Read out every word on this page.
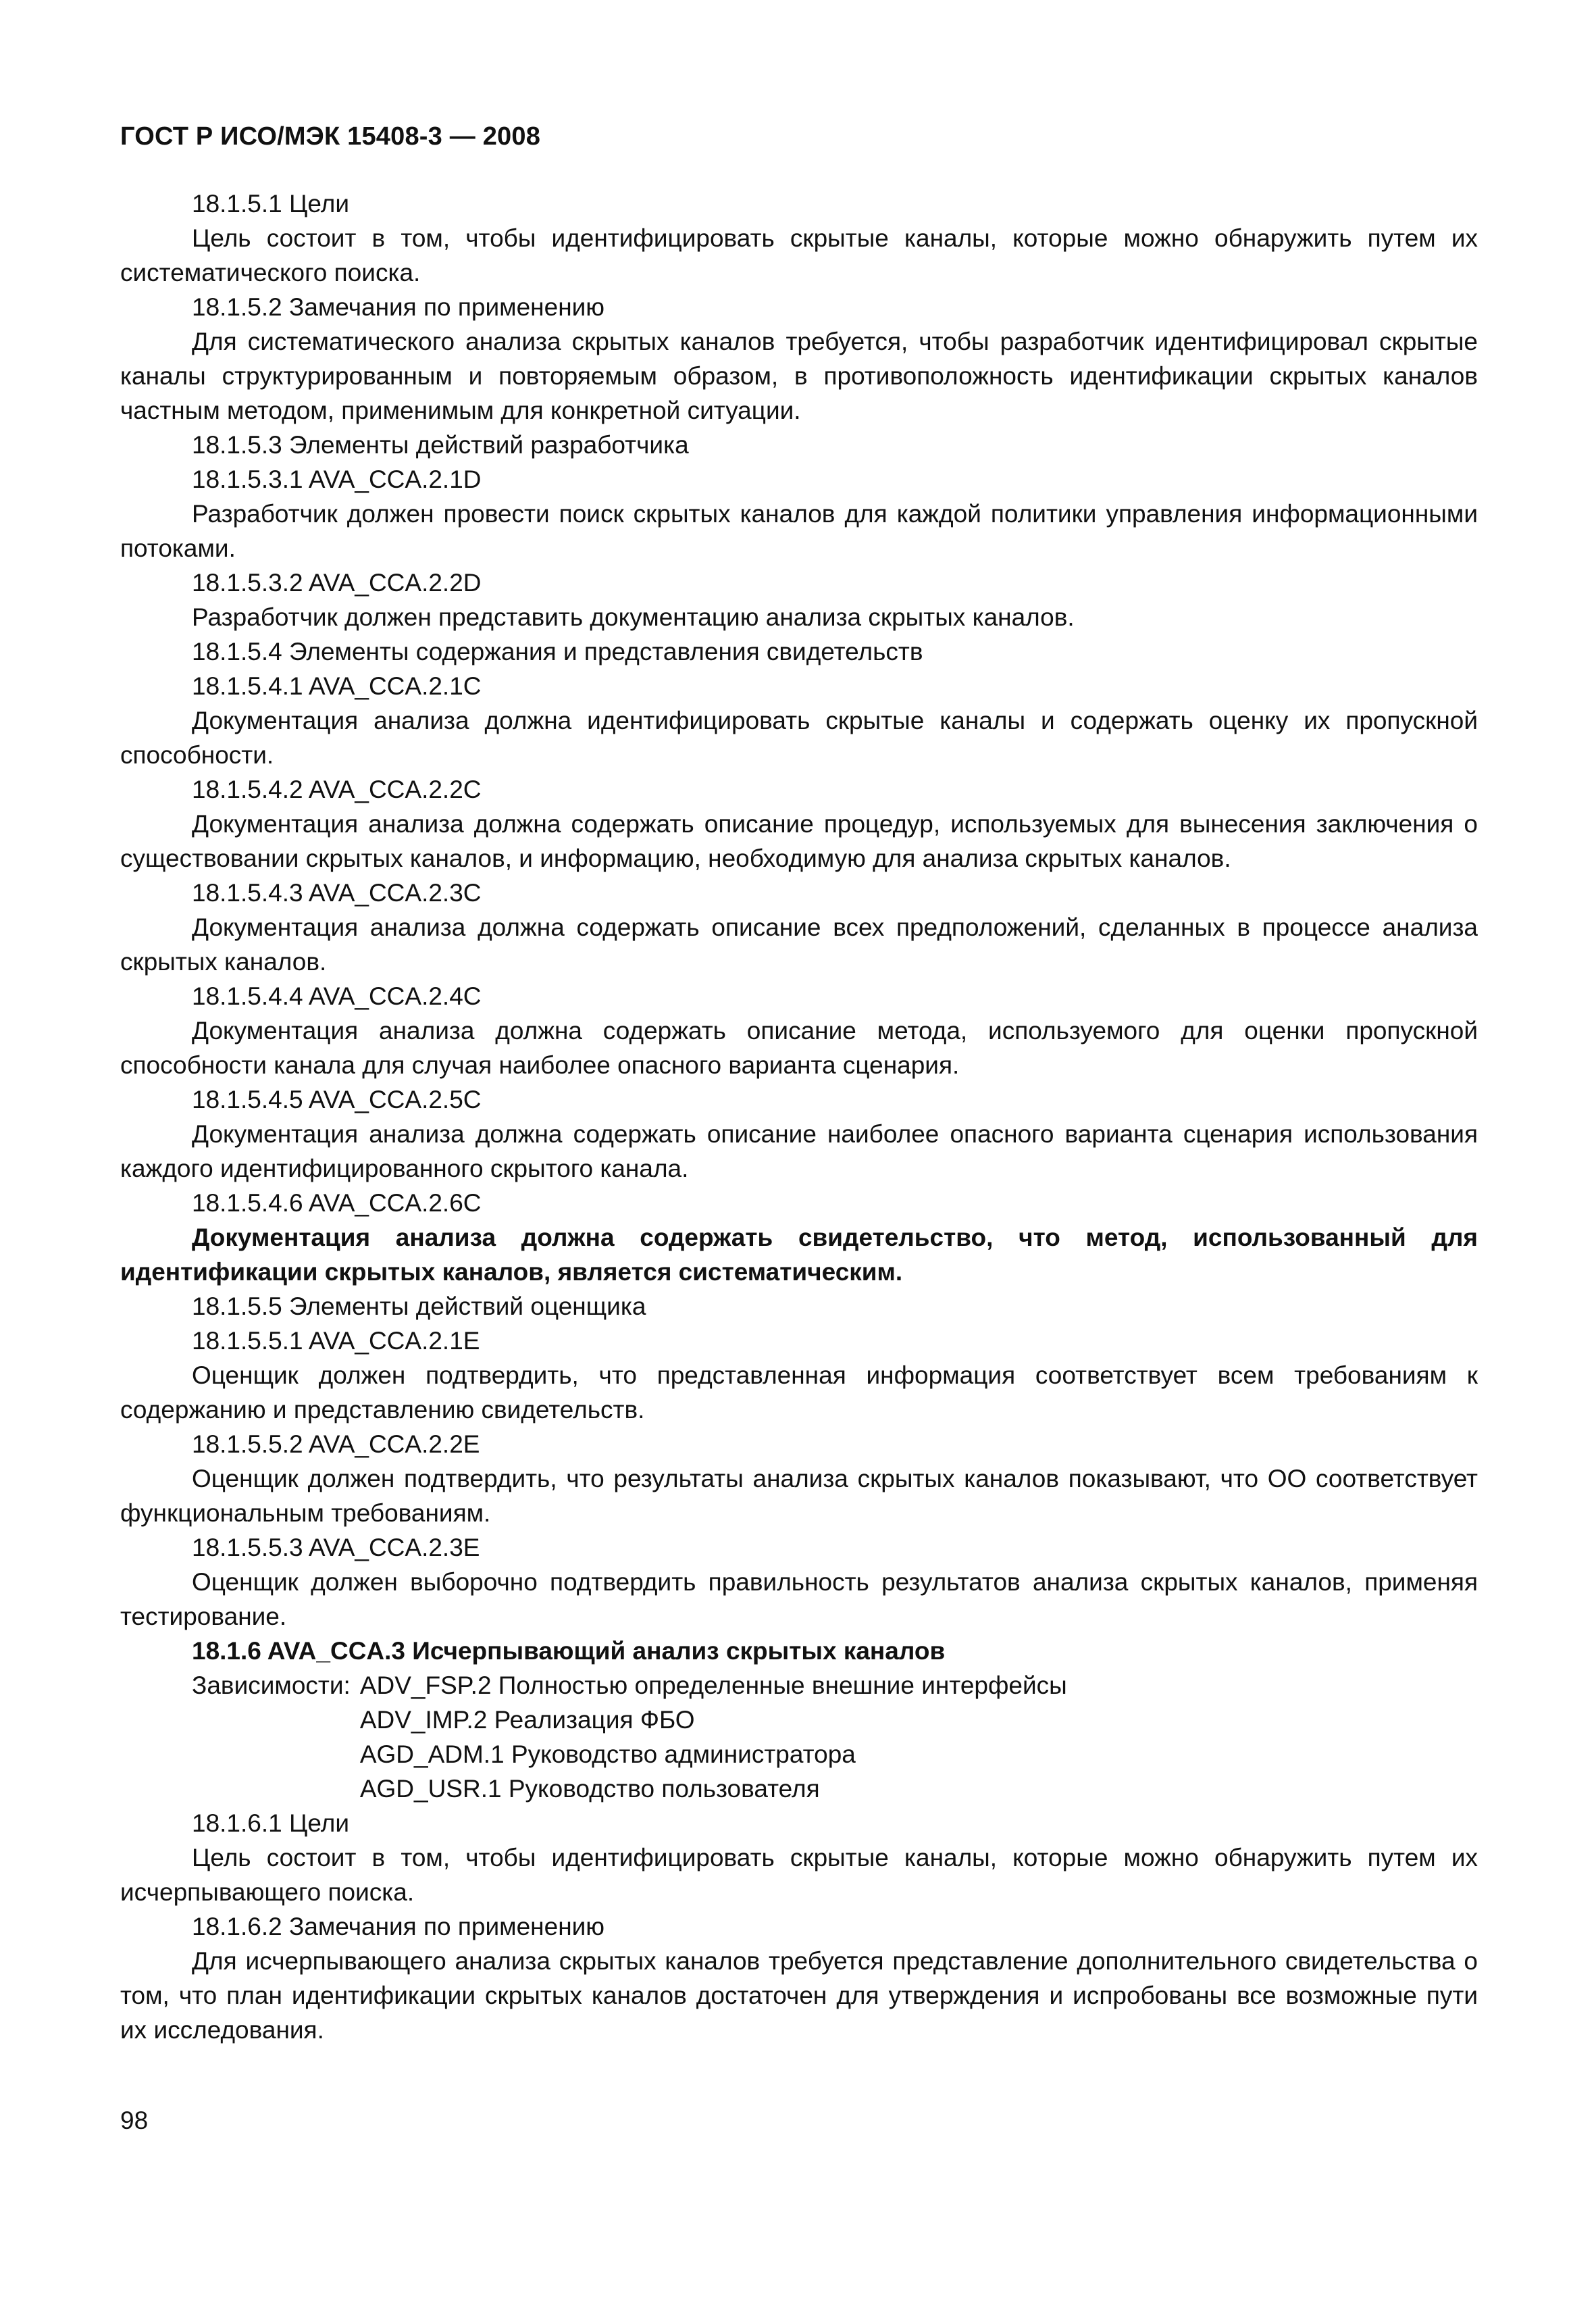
ГОСТ Р ИСО/МЭК 15408-3 — 2008

18.1.5.1 Цели

Цель состоит в том, чтобы идентифицировать скрытые каналы, которые можно обнаружить путем их систематического поиска.

18.1.5.2 Замечания по применению

Для систематического анализа скрытых каналов требуется, чтобы разработчик идентифицировал скрытые каналы структурированным и повторяемым образом, в противоположность идентификации скрытых каналов частным методом, применимым для конкретной ситуации.

18.1.5.3 Элементы действий разработчика

18.1.5.3.1 AVA_CCA.2.1D

Разработчик должен провести поиск скрытых каналов для каждой политики управления информационными потоками.

18.1.5.3.2 AVA_CCA.2.2D

Разработчик должен представить документацию анализа скрытых каналов.

18.1.5.4 Элементы содержания и представления свидетельств

18.1.5.4.1 AVA_CCA.2.1C

Документация анализа должна идентифицировать скрытые каналы и содержать оценку их пропускной способности.

18.1.5.4.2 AVA_CCA.2.2C

Документация анализа должна содержать описание процедур, используемых для вынесения заключения о существовании скрытых каналов, и информацию, необходимую для анализа скрытых каналов.

18.1.5.4.3 AVA_CCA.2.3C

Документация анализа должна содержать описание всех предположений, сделанных в процессе анализа скрытых каналов.

18.1.5.4.4 AVA_CCA.2.4C

Документация анализа должна содержать описание метода, используемого для оценки пропускной способности канала для случая наиболее опасного варианта сценария.

18.1.5.4.5 AVA_CCA.2.5C

Документация анализа должна содержать описание наиболее опасного варианта сценария использования каждого идентифицированного скрытого канала.

18.1.5.4.6 AVA_CCA.2.6C

Документация анализа должна содержать свидетельство, что метод, использованный для идентификации скрытых каналов, является систематическим.

18.1.5.5 Элементы действий оценщика

18.1.5.5.1 AVA_CCA.2.1E

Оценщик должен подтвердить, что представленная информация соответствует всем требованиям к содержанию и представлению свидетельств.

18.1.5.5.2 AVA_CCA.2.2E

Оценщик должен подтвердить, что результаты анализа скрытых каналов показывают, что ОО соответствует функциональным требованиям.

18.1.5.5.3 AVA_CCA.2.3E

Оценщик должен выборочно подтвердить правильность результатов анализа скрытых каналов, применяя тестирование.

18.1.6 AVA_CCA.3 Исчерпывающий анализ скрытых каналов

Зависимости: ADV_FSP.2 Полностью определенные внешние интерфейсы
ADV_IMP.2 Реализация ФБО
AGD_ADM.1 Руководство администратора
AGD_USR.1 Руководство пользователя

18.1.6.1 Цели

Цель состоит в том, чтобы идентифицировать скрытые каналы, которые можно обнаружить путем их исчерпывающего поиска.

18.1.6.2 Замечания по применению

Для исчерпывающего анализа скрытых каналов требуется представление дополнительного свидетельства о том, что план идентификации скрытых каналов достаточен для утверждения и испробованы все возможные пути их исследования.

98
